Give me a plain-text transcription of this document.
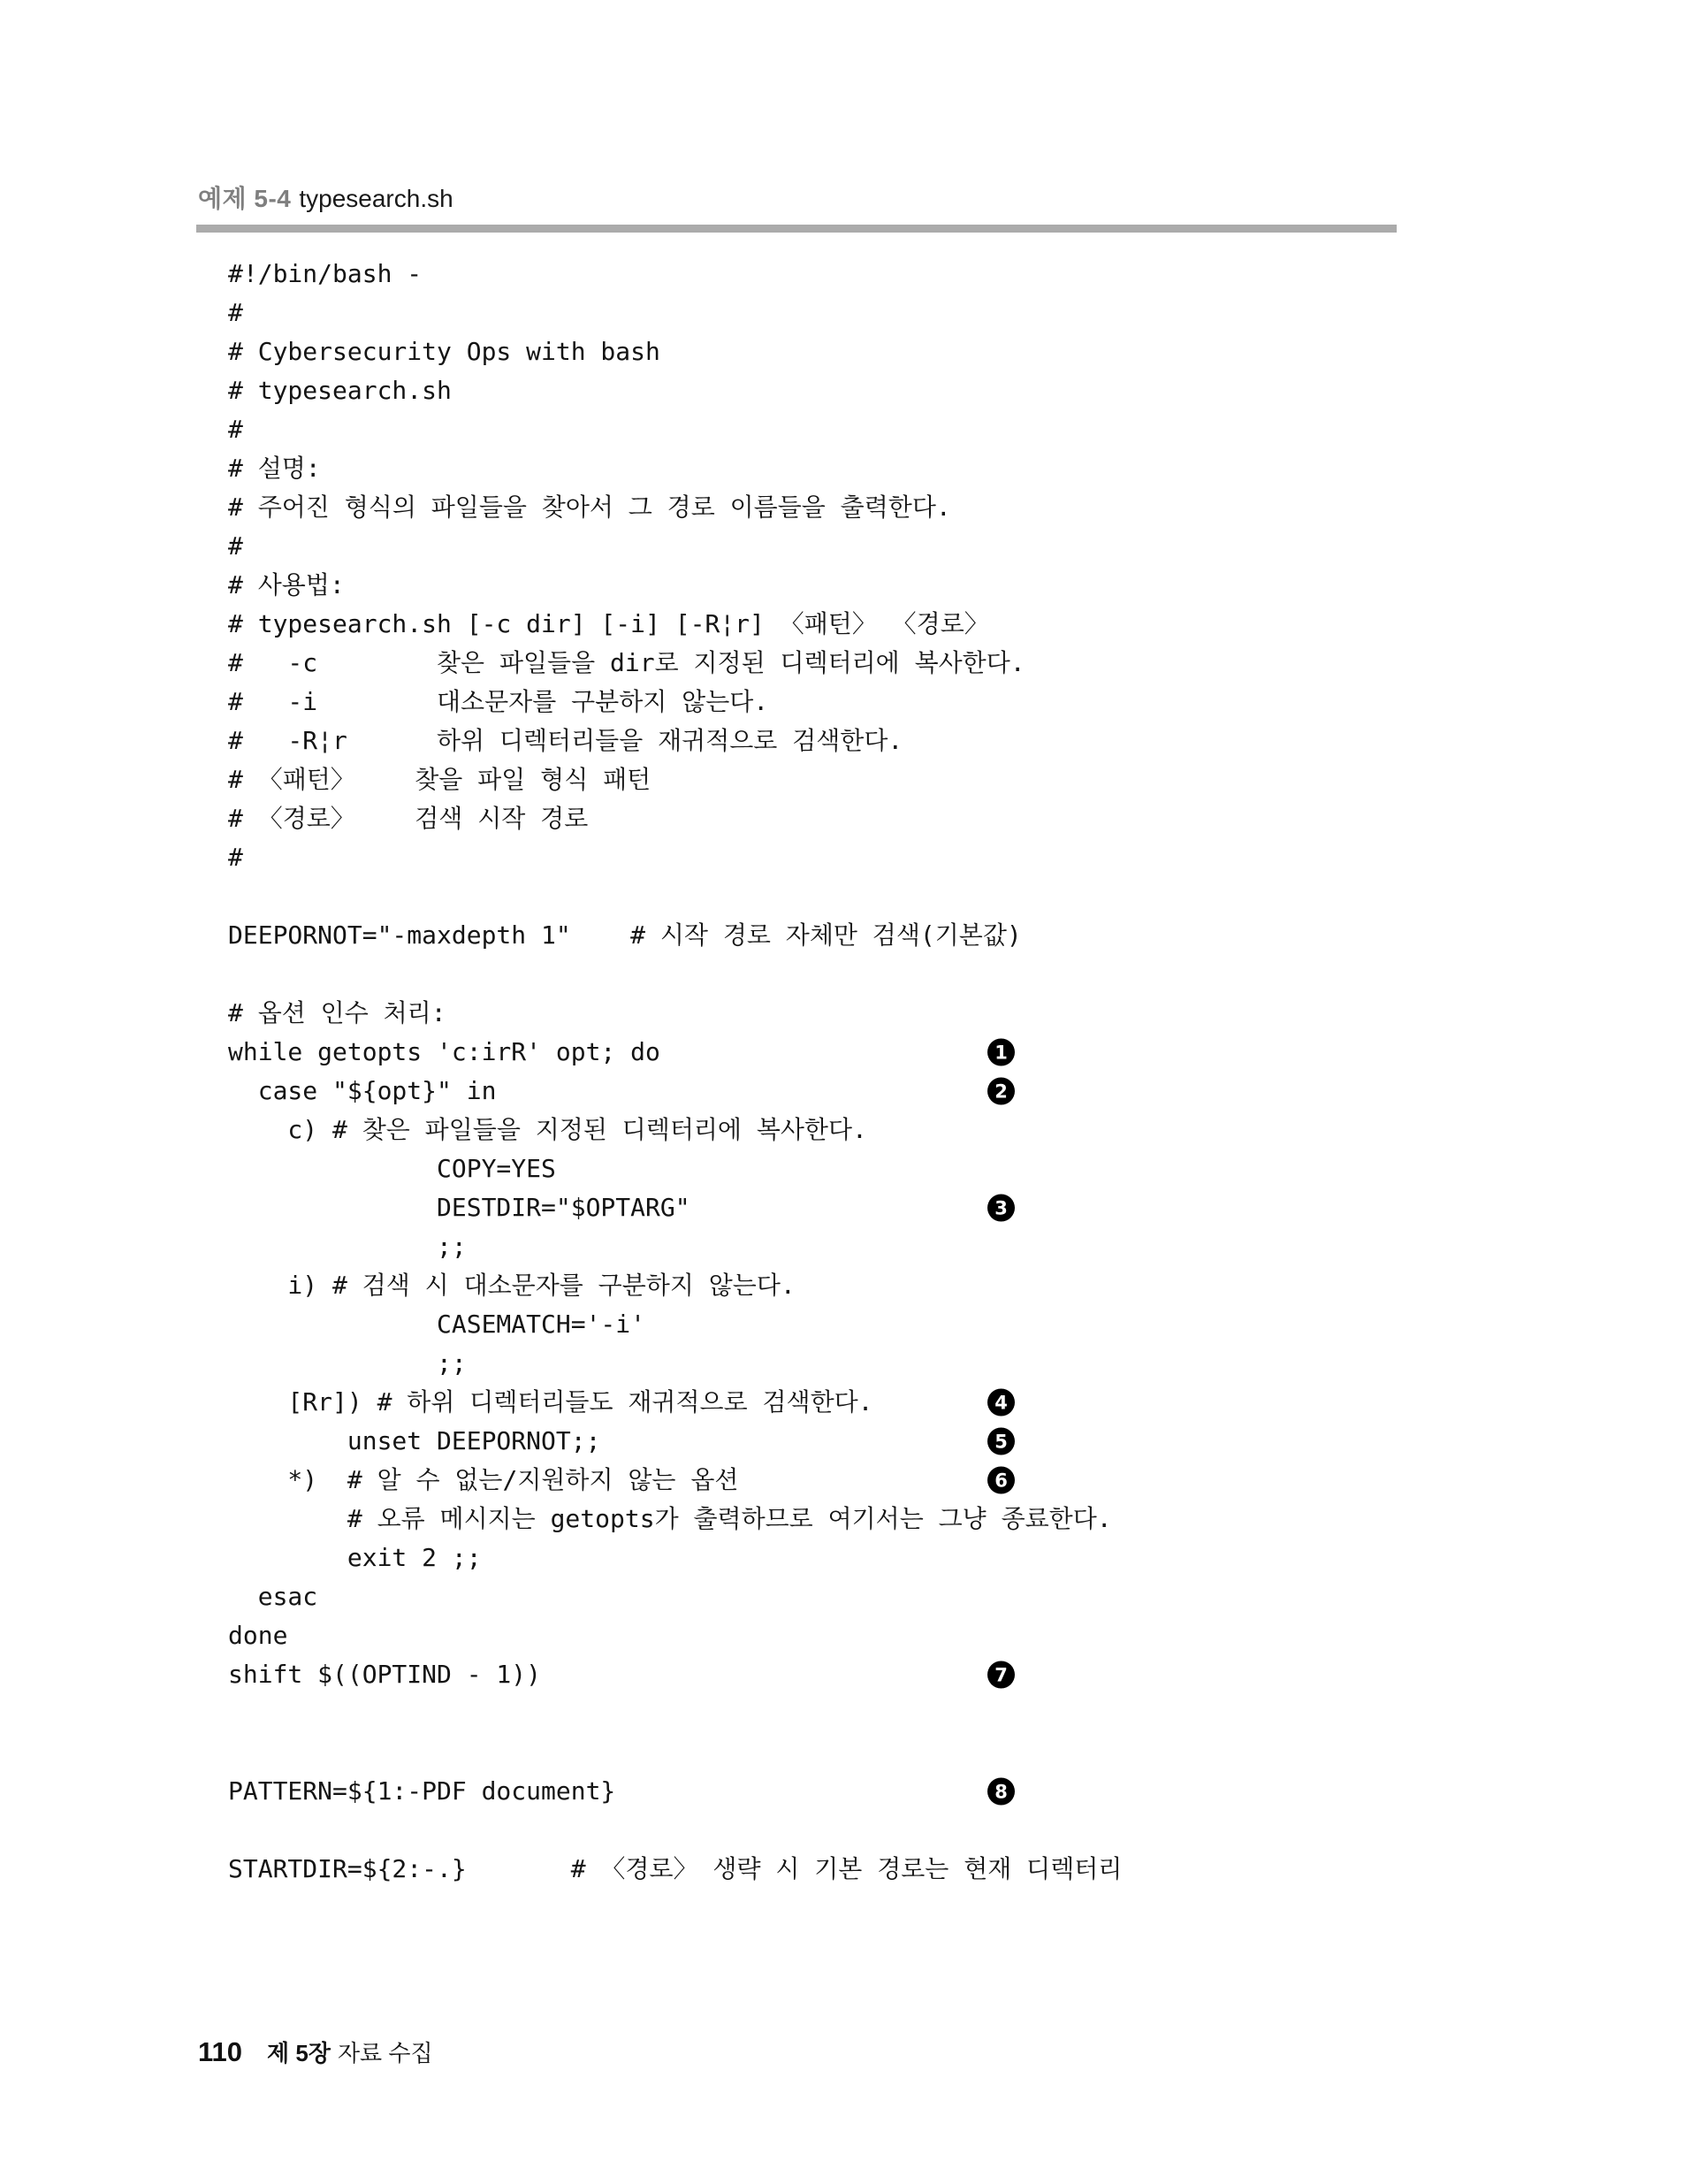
예제 5-4 typesearch.sh
#!/bin/bash -
#
# Cybersecurity Ops with bash
# typesearch.sh
#
# 설명:
# 주어진 형식의 파일들을 찾아서 그 경로 이름들을 출력한다.
#
# 사용법:
# typesearch.sh [-c dir] [-i] [-R¦r] 〈패턴〉 〈경로〉
#   -c        찾은 파일들을 dir로 지정된 디렉터리에 복사한다.
#   -i        대소문자를 구분하지 않는다.
#   -R¦r      하위 디렉터리들을 재귀적으로 검색한다.
# 〈패턴〉    찾을 파일 형식 패턴
# 〈경로〉    검색 시작 경로
#
DEEPORNOT="-maxdepth 1"    # 시작 경로 자체만 검색(기본값)
# 옵션 인수 처리:
while getopts 'c:irR' opt; do	1
case "${opt}" in	2
c) # 찾은 파일들을 지정된 디렉터리에 복사한다.
COPY=YES
DESTDIR="$OPTARG"	3
;;
i) # 검색 시 대소문자를 구분하지 않는다.
CASEMATCH='-i'
;;
[Rr]) # 하위 디렉터리들도 재귀적으로 검색한다.	4
unset DEEPORNOT;;	5
*)  # 알 수 없는/지원하지 않는 옵션	6
# 오류 메시지는 getopts가 출력하므로 여기서는 그냥 종료한다.
exit 2 ;;
esac
done
shift $((OPTIND - 1))	7
PATTERN=${1:-PDF document}	8
STARTDIR=${2:-.}       # 〈경로〉 생략 시 기본 경로는 현재 디렉터리
110 제 5장 자료 수집
